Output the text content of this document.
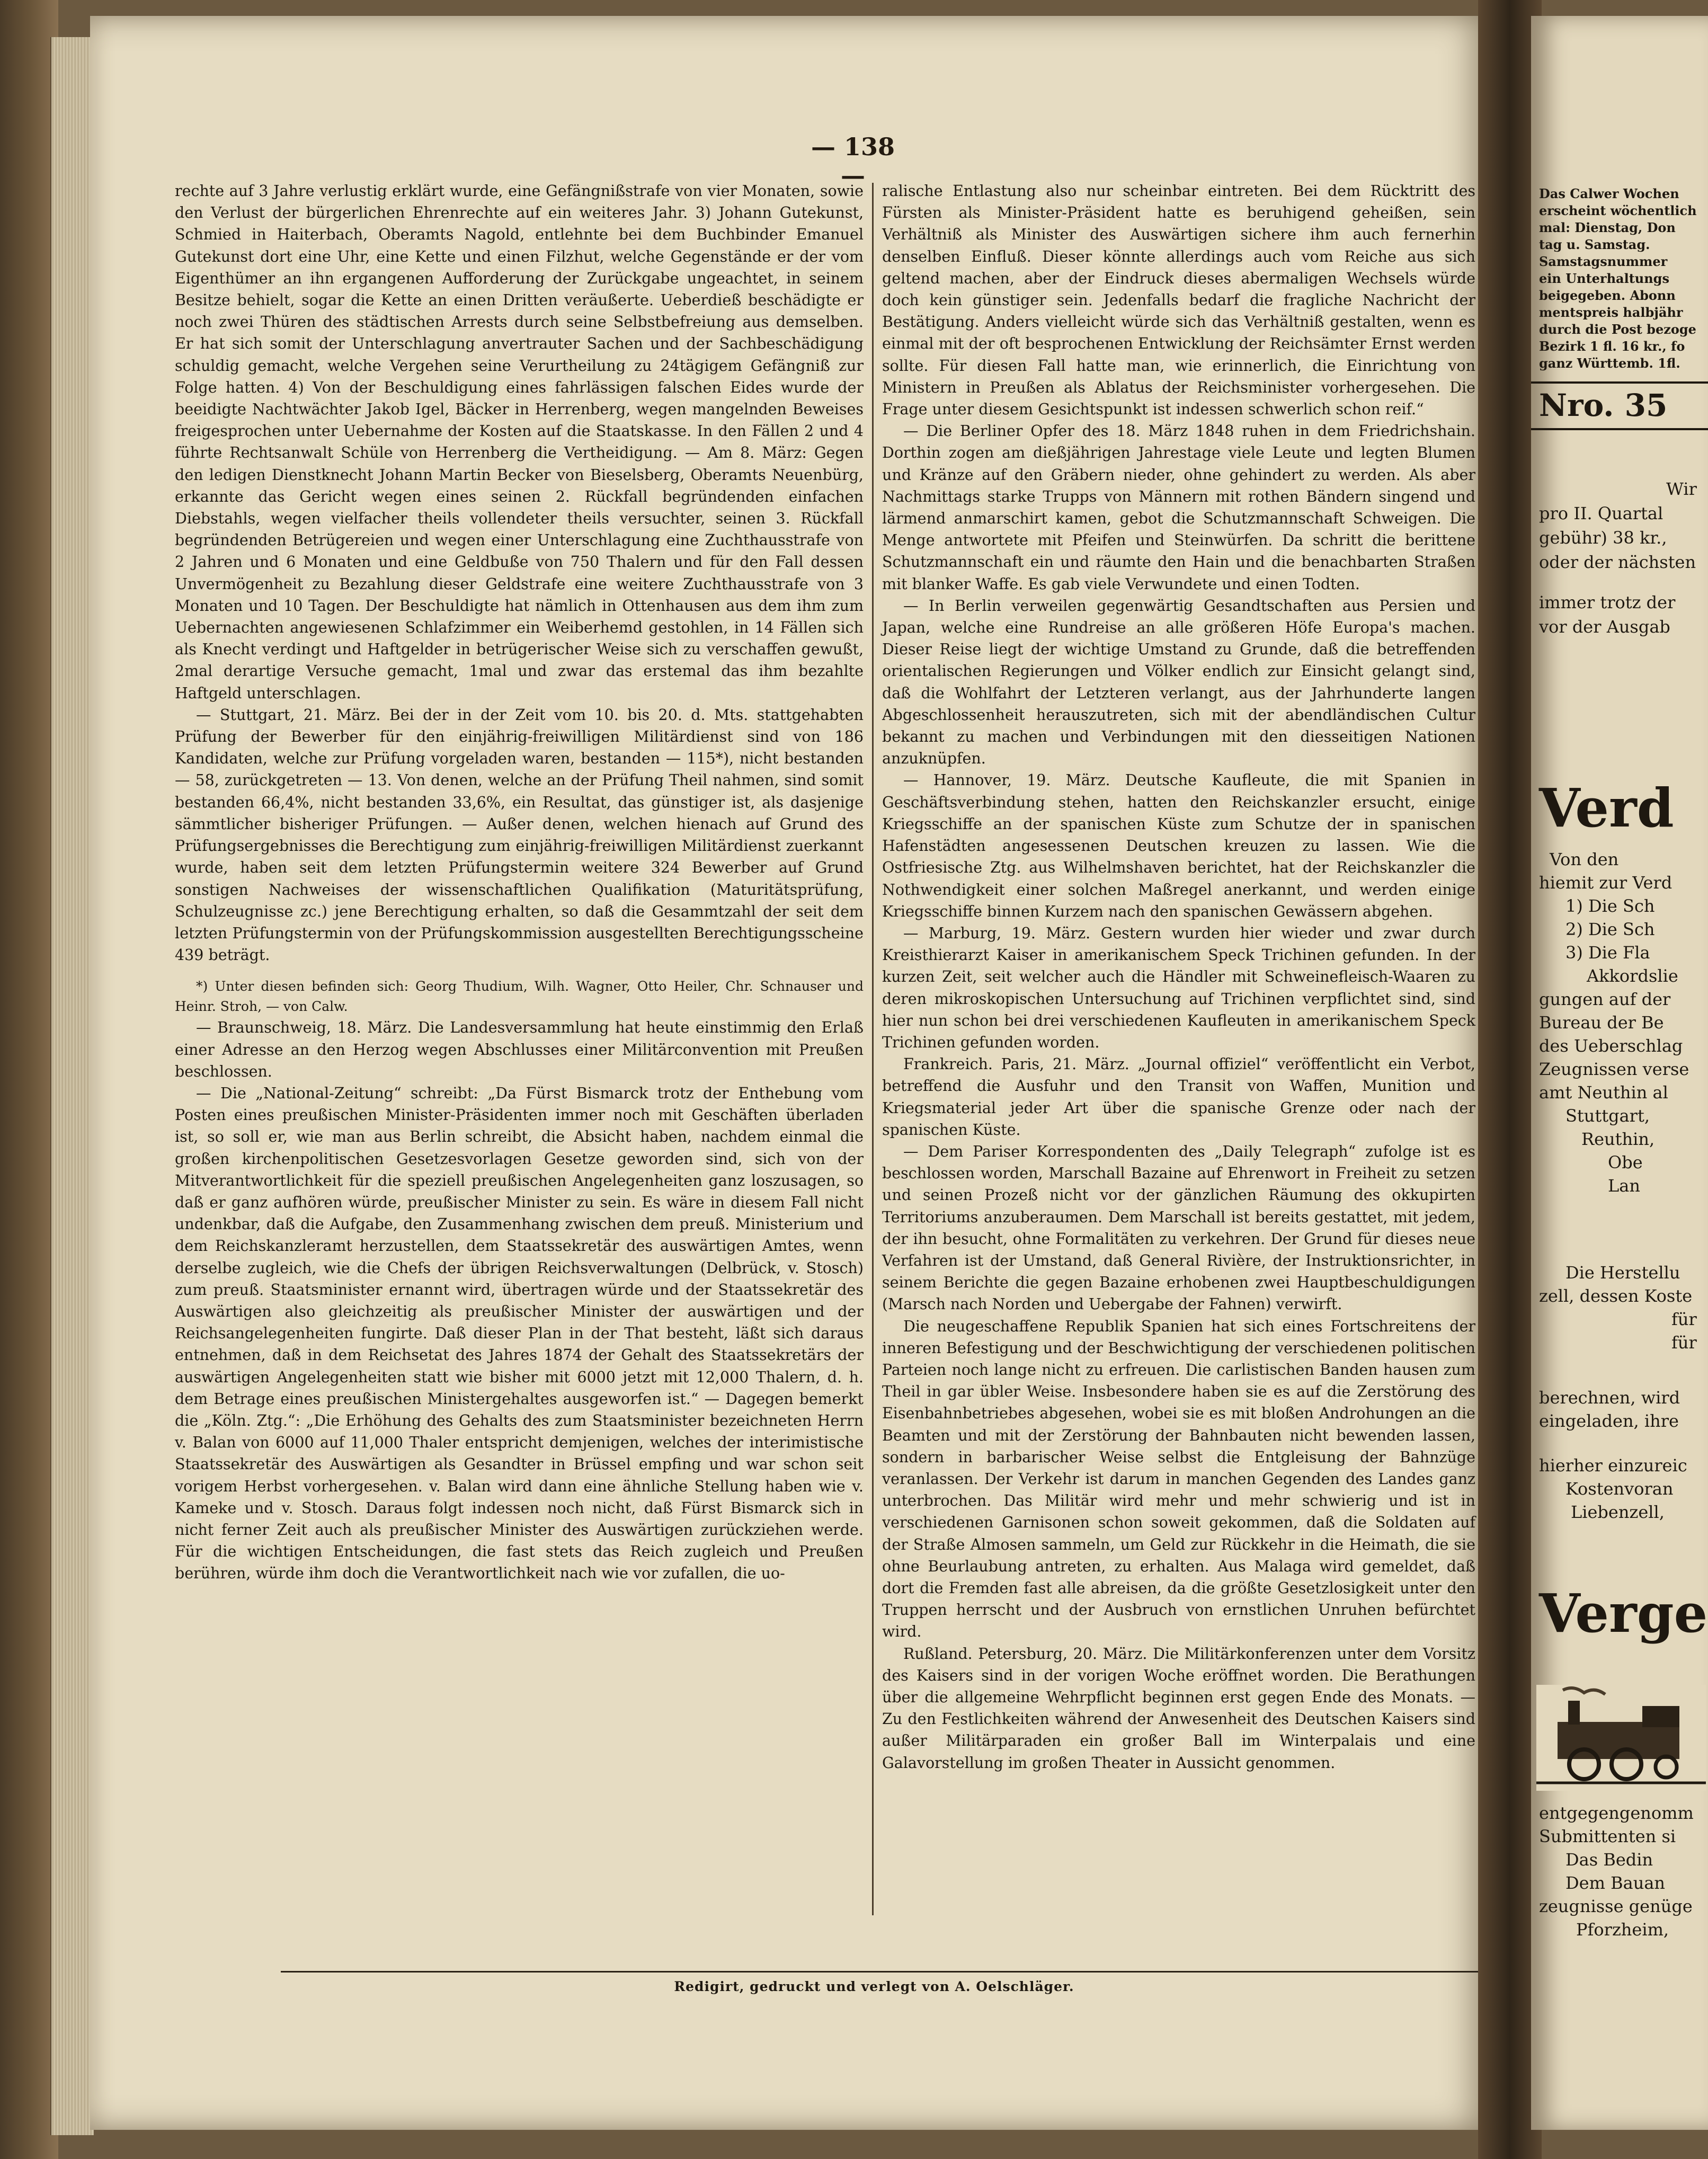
— 138 —

rechte auf 3 Jahre verlustig erklärt wurde, eine Gefängnißstrafe von vier Monaten, sowie den Verlust der bürgerlichen Ehrenrechte auf ein weiteres Jahr. 3) Johann Gutekunst, Schmied in Haiterbach, Oberamts Nagold, entlehnte bei dem Buchbinder Emanuel Gutekunst dort eine Uhr, eine Kette und einen Filzhut, welche Gegenstände er der vom Eigenthümer an ihn ergangenen Aufforderung der Zurückgabe ungeachtet, in seinem Besitze behielt, sogar die Kette an einen Dritten veräußerte. Ueberdieß beschädigte er noch zwei Thüren des städtischen Arrests durch seine Selbstbefreiung aus demselben. Er hat sich somit der Unterschlagung anvertrauter Sachen und der Sachbeschädigung schuldig gemacht, welche Vergehen seine Verurtheilung zu 24tägigem Gefängniß zur Folge hatten. 4) Von der Beschuldigung eines fahrlässigen falschen Eides wurde der beeidigte Nachtwächter Jakob Igel, Bäcker in Herrenberg, wegen mangelnden Beweises freigesprochen unter Uebernahme der Kosten auf die Staatskasse. In den Fällen 2 und 4 führte Rechtsanwalt Schüle von Herrenberg die Vertheidigung. — Am 8. März: Gegen den ledigen Dienstknecht Johann Martin Becker von Bieselsberg, Oberamts Neuenbürg, erkannte das Gericht wegen eines seinen 2. Rückfall begründenden einfachen Diebstahls, wegen vielfacher theils vollendeter theils versuchter, seinen 3. Rückfall begründenden Betrügereien und wegen einer Unterschlagung eine Zuchthausstrafe von 2 Jahren und 6 Monaten und eine Geldbuße von 750 Thalern und für den Fall dessen Unvermögenheit zu Bezahlung dieser Geldstrafe eine weitere Zuchthausstrafe von 3 Monaten und 10 Tagen. Der Beschuldigte hat nämlich in Ottenhausen aus dem ihm zum Uebernachten angewiesenen Schlafzimmer ein Weiberhemd gestohlen, in 14 Fällen sich als Knecht verdingt und Haftgelder in betrügerischer Weise sich zu verschaffen gewußt, 2mal derartige Versuche gemacht, 1mal und zwar das erstemal das ihm bezahlte Haftgeld unterschlagen.

— Stuttgart, 21. März. Bei der in der Zeit vom 10. bis 20. d. Mts. stattgehabten Prüfung der Bewerber für den einjährig-freiwilligen Militärdienst sind von 186 Kandidaten, welche zur Prüfung vorgeladen waren, bestanden — 115*), nicht bestanden — 58, zurückgetreten — 13. Von denen, welche an der Prüfung Theil nahmen, sind somit bestanden 66,4%, nicht bestanden 33,6%, ein Resultat, das günstiger ist, als dasjenige sämmtlicher bisheriger Prüfungen. — Außer denen, welchen hienach auf Grund des Prüfungsergebnisses die Berechtigung zum einjährig-freiwilligen Militärdienst zuerkannt wurde, haben seit dem letzten Prüfungstermin weitere 324 Bewerber auf Grund sonstigen Nachweises der wissenschaftlichen Qualifikation (Maturitätsprüfung, Schulzeugnisse zc.) jene Berechtigung erhalten, so daß die Gesammtzahl der seit dem letzten Prüfungstermin von der Prüfungskommission ausgestellten Berechtigungsscheine 439 beträgt.

*) Unter diesen befinden sich: Georg Thudium, Wilh. Wagner, Otto Heiler, Chr. Schnauser und Heinr. Stroh, — von Calw.

— Braunschweig, 18. März. Die Landesversammlung hat heute einstimmig den Erlaß einer Adresse an den Herzog wegen Abschlusses einer Militärconvention mit Preußen beschlossen.

— Die „National-Zeitung“ schreibt: „Da Fürst Bismarck trotz der Enthebung vom Posten eines preußischen Minister-Präsidenten immer noch mit Geschäften überladen ist, so soll er, wie man aus Berlin schreibt, die Absicht haben, nachdem einmal die großen kirchenpolitischen Gesetzesvorlagen Gesetze geworden sind, sich von der Mitverantwortlichkeit für die speziell preußischen Angelegenheiten ganz loszusagen, so daß er ganz aufhören würde, preußischer Minister zu sein. Es wäre in diesem Fall nicht undenkbar, daß die Aufgabe, den Zusammenhang zwischen dem preuß. Ministerium und dem Reichskanzleramt herzustellen, dem Staatssekretär des auswärtigen Amtes, wenn derselbe zugleich, wie die Chefs der übrigen Reichsverwaltungen (Delbrück, v. Stosch) zum preuß. Staatsminister ernannt wird, übertragen würde und der Staatssekretär des Auswärtigen also gleichzeitig als preußischer Minister der auswärtigen und der Reichsangelegenheiten fungirte. Daß dieser Plan in der That besteht, läßt sich daraus entnehmen, daß in dem Reichsetat des Jahres 1874 der Gehalt des Staatssekretärs der auswärtigen Angelegenheiten statt wie bisher mit 6000 jetzt mit 12,000 Thalern, d. h. dem Betrage eines preußischen Ministergehaltes ausgeworfen ist.“ — Dagegen bemerkt die „Köln. Ztg.“: „Die Erhöhung des Gehalts des zum Staatsminister bezeichneten Herrn v. Balan von 6000 auf 11,000 Thaler entspricht demjenigen, welches der interimistische Staatssekretär des Auswärtigen als Gesandter in Brüssel empfing und war schon seit vorigem Herbst vorhergesehen. v. Balan wird dann eine ähnliche Stellung haben wie v. Kameke und v. Stosch. Daraus folgt indessen noch nicht, daß Fürst Bismarck sich in nicht ferner Zeit auch als preußischer Minister des Auswärtigen zurückziehen werde. Für die wichtigen Entscheidungen, die fast stets das Reich zugleich und Preußen berühren, würde ihm doch die Verantwortlichkeit nach wie vor zufallen, die uo-

ralische Entlastung also nur scheinbar eintreten. Bei dem Rücktritt des Fürsten als Minister-Präsident hatte es beruhigend geheißen, sein Verhältniß als Minister des Auswärtigen sichere ihm auch fernerhin denselben Einfluß. Dieser könnte allerdings auch vom Reiche aus sich geltend machen, aber der Eindruck dieses abermaligen Wechsels würde doch kein günstiger sein. Jedenfalls bedarf die fragliche Nachricht der Bestätigung. Anders vielleicht würde sich das Verhältniß gestalten, wenn es einmal mit der oft besprochenen Entwicklung der Reichsämter Ernst werden sollte. Für diesen Fall hatte man, wie erinnerlich, die Einrichtung von Ministern in Preußen als Ablatus der Reichsminister vorhergesehen. Die Frage unter diesem Gesichtspunkt ist indessen schwerlich schon reif.“

— Die Berliner Opfer des 18. März 1848 ruhen in dem Friedrichshain. Dorthin zogen am dießjährigen Jahrestage viele Leute und legten Blumen und Kränze auf den Gräbern nieder, ohne gehindert zu werden. Als aber Nachmittags starke Trupps von Männern mit rothen Bändern singend und lärmend anmarschirt kamen, gebot die Schutzmannschaft Schweigen. Die Menge antwortete mit Pfeifen und Steinwürfen. Da schritt die berittene Schutzmannschaft ein und räumte den Hain und die benachbarten Straßen mit blanker Waffe. Es gab viele Verwundete und einen Todten.

— In Berlin verweilen gegenwärtig Gesandtschaften aus Persien und Japan, welche eine Rundreise an alle größeren Höfe Europa's machen. Dieser Reise liegt der wichtige Umstand zu Grunde, daß die betreffenden orientalischen Regierungen und Völker endlich zur Einsicht gelangt sind, daß die Wohlfahrt der Letzteren verlangt, aus der Jahrhunderte langen Abgeschlossenheit herauszutreten, sich mit der abendländischen Cultur bekannt zu machen und Verbindungen mit den diesseitigen Nationen anzuknüpfen.

— Hannover, 19. März. Deutsche Kaufleute, die mit Spanien in Geschäftsverbindung stehen, hatten den Reichskanzler ersucht, einige Kriegsschiffe an der spanischen Küste zum Schutze der in spanischen Hafenstädten angesessenen Deutschen kreuzen zu lassen. Wie die Ostfriesische Ztg. aus Wilhelmshaven berichtet, hat der Reichskanzler die Nothwendigkeit einer solchen Maßregel anerkannt, und werden einige Kriegsschiffe binnen Kurzem nach den spanischen Gewässern abgehen.

— Marburg, 19. März. Gestern wurden hier wieder und zwar durch Kreisthierarzt Kaiser in amerikanischem Speck Trichinen gefunden. In der kurzen Zeit, seit welcher auch die Händler mit Schweinefleisch-Waaren zu deren mikroskopischen Untersuchung auf Trichinen verpflichtet sind, sind hier nun schon bei drei verschiedenen Kaufleuten in amerikanischem Speck Trichinen gefunden worden.

Frankreich. Paris, 21. März. „Journal offiziel“ veröffentlicht ein Verbot, betreffend die Ausfuhr und den Transit von Waffen, Munition und Kriegsmaterial jeder Art über die spanische Grenze oder nach der spanischen Küste.

— Dem Pariser Korrespondenten des „Daily Telegraph“ zufolge ist es beschlossen worden, Marschall Bazaine auf Ehrenwort in Freiheit zu setzen und seinen Prozeß nicht vor der gänzlichen Räumung des okkupirten Territoriums anzuberaumen. Dem Marschall ist bereits gestattet, mit jedem, der ihn besucht, ohne Formalitäten zu verkehren. Der Grund für dieses neue Verfahren ist der Umstand, daß General Rivière, der Instruktionsrichter, in seinem Berichte die gegen Bazaine erhobenen zwei Hauptbeschuldigungen (Marsch nach Norden und Uebergabe der Fahnen) verwirft.

Die neugeschaffene Republik Spanien hat sich eines Fortschreitens der inneren Befestigung und der Beschwichtigung der verschiedenen politischen Parteien noch lange nicht zu erfreuen. Die carlistischen Banden hausen zum Theil in gar übler Weise. Insbesondere haben sie es auf die Zerstörung des Eisenbahnbetriebes abgesehen, wobei sie es mit bloßen Androhungen an die Beamten und mit der Zerstörung der Bahnbauten nicht bewenden lassen, sondern in barbarischer Weise selbst die Entgleisung der Bahnzüge veranlassen. Der Verkehr ist darum in manchen Gegenden des Landes ganz unterbrochen. Das Militär wird mehr und mehr schwierig und ist in verschiedenen Garnisonen schon soweit gekommen, daß die Soldaten auf der Straße Almosen sammeln, um Geld zur Rückkehr in die Heimath, die sie ohne Beurlaubung antreten, zu erhalten. Aus Malaga wird gemeldet, daß dort die Fremden fast alle abreisen, da die größte Gesetzlosigkeit unter den Truppen herrscht und der Ausbruch von ernstlichen Unruhen befürchtet wird.

Rußland. Petersburg, 20. März. Die Militärkonferenzen unter dem Vorsitz des Kaisers sind in der vorigen Woche eröffnet worden. Die Berathungen über die allgemeine Wehrpflicht beginnen erst gegen Ende des Monats. — Zu den Festlichkeiten während der Anwesenheit des Deutschen Kaisers sind außer Militärparaden ein großer Ball im Winterpalais und eine Galavorstellung im großen Theater in Aussicht genommen.

Redigirt, gedruckt und verlegt von A. Oelschläger.
Das Calwer Wochen
erscheint wöchentlich
mal: Dienstag, Don
tag u. Samstag.
Samstagsnummer
ein Unterhaltungs
beigegeben. Abonn
mentspreis halbjähr
durch die Post bezoge
Bezirk 1 fl. 16 kr., fo
ganz Württemb. 1fl.
Nro. 35
Wir
pro II. Quartal
gebühr) 38 kr.,
oder der nächsten
immer trotz der
vor der Ausgab
Verd
Von den
hiemit zur Verd
1) Die Sch
2) Die Sch
3) Die Fla
Akkordslie
gungen auf der
Bureau der Be
des Ueberschlag
Zeugnissen verse
amt Neuthin al
Stuttgart,
Reuthin,
Obe
Lan
Die Herstellu
zell, dessen Koste
für
für
berechnen, wird
eingeladen, ihre
hierher einzureic
Kostenvoran
Liebenzell,
Verge
entgegengenomm
Submittenten si
Das Bedin
Dem Bauan
zeugnisse genüge
Pforzheim,
